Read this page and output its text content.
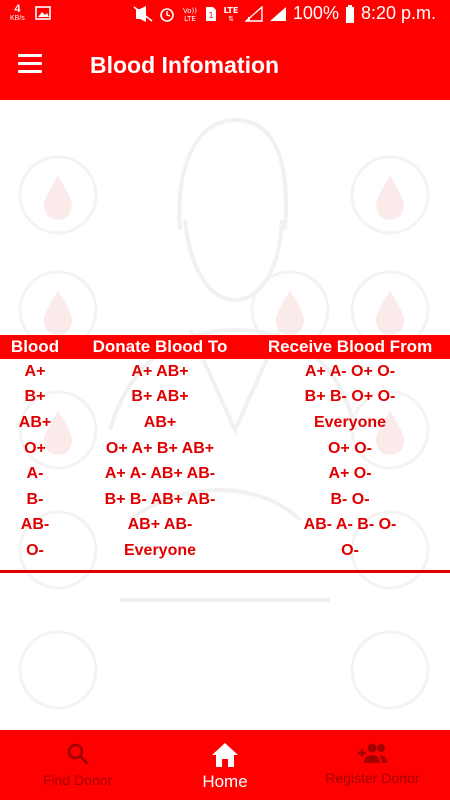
4
KB/s
Vo))
LTE 1
LTE
⇅	100% 8:20 p.m.
Blood Infomation
Blood	Donate Blood To	Receive Blood From
A+	A+ AB+	A+ A- O+ O-
B+	B+ AB+	B+ B- O+ O-
AB+	AB+	Everyone
O+	O+ A+ B+ AB+	O+ O-
A-	A+ A- AB+ AB-	A+ O-
B-	B+ B- AB+ AB-	B- O-
AB-	AB+ AB-	AB- A- B- O-
O-	Everyone	O-
Find Donor	Home	Register Donor
